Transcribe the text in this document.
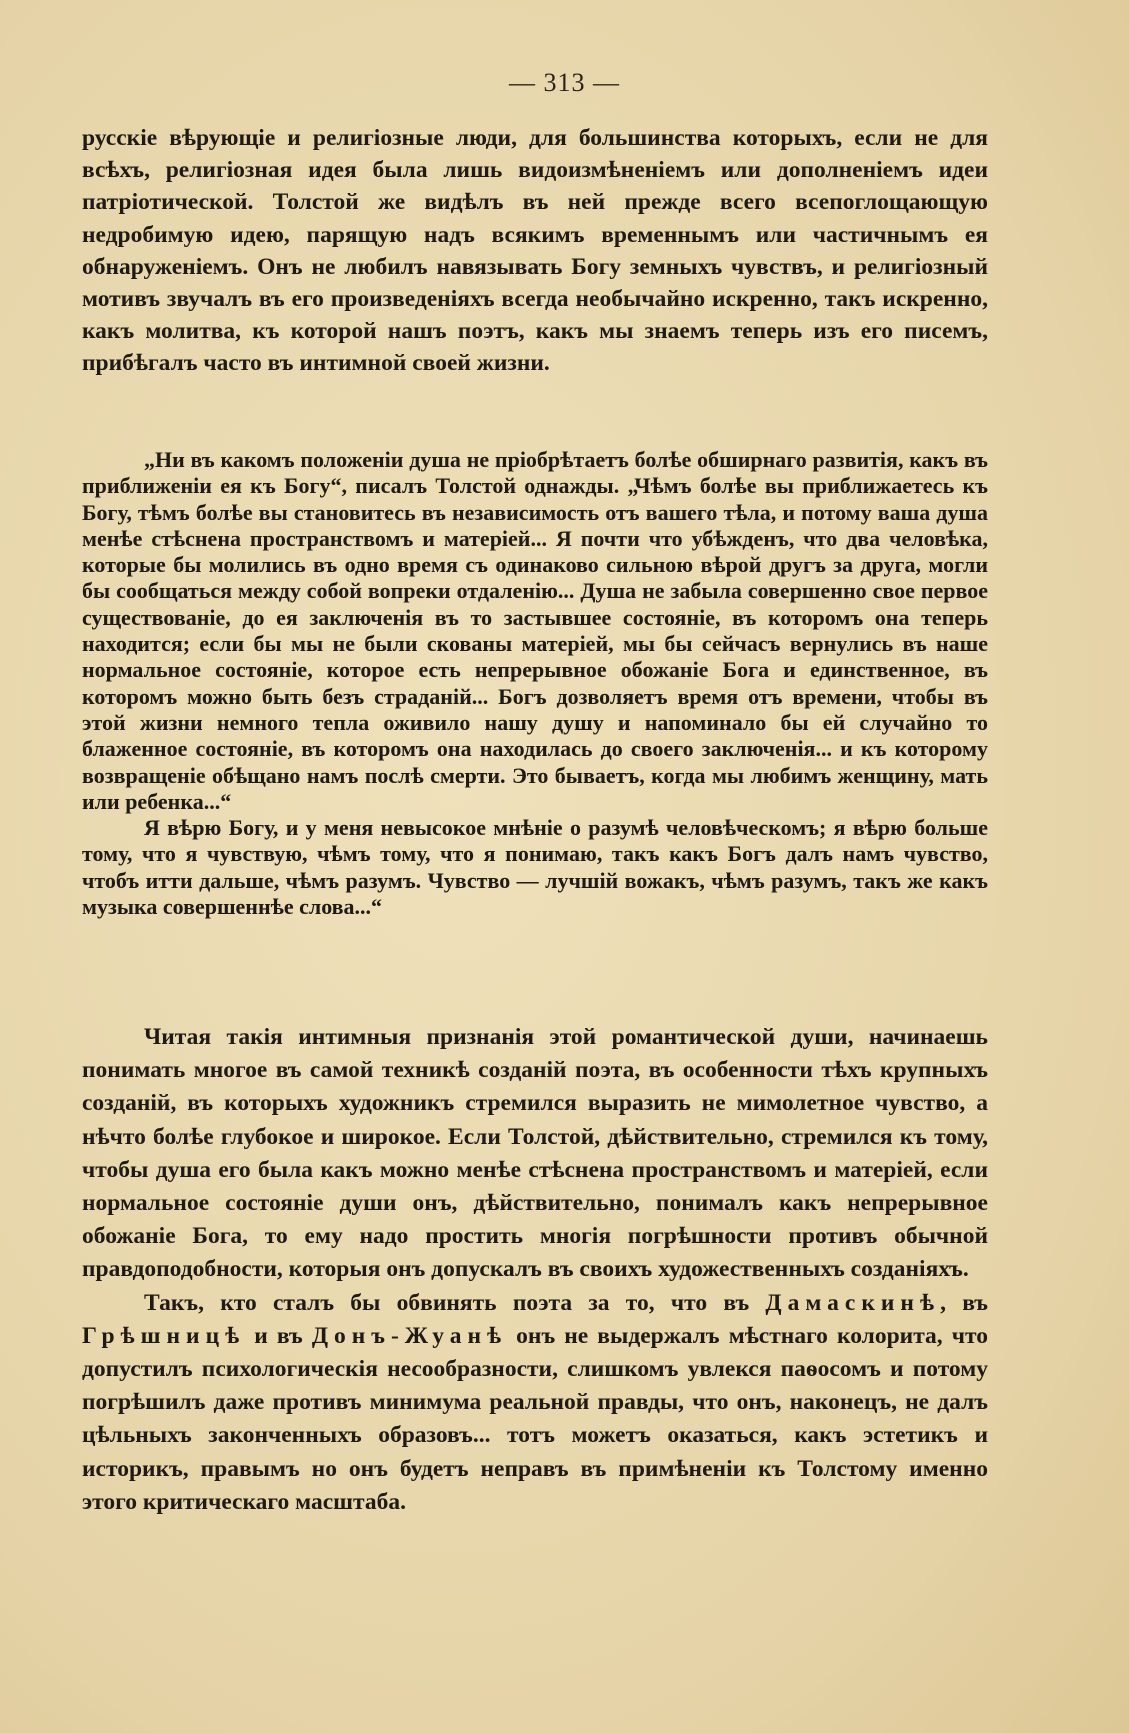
— 313 —

русскіе вѣрующіе и религіозные люди, для большинства которыхъ, если не для всѣхъ, религіозная идея была лишь видоизмѣненіемъ или дополненіемъ идеи патріотической. Толстой же видѣлъ въ ней прежде всего всепоглощающую недробимую идею, парящую надъ всякимъ временнымъ или частичнымъ ея обнаруженіемъ. Онъ не любилъ навязывать Богу земныхъ чувствъ, и религіозный мотивъ звучалъ въ его произведеніяхъ всегда необычайно искренно, такъ искренно, какъ молитва, къ которой нашъ поэтъ, какъ мы знаемъ теперь изъ его писемъ, прибѣгалъ часто въ интимной своей жизни.

„Ни въ какомъ положеніи душа не пріобрѣтаетъ болѣе обширнаго развитія, какъ въ приближеніи ея къ Богу“, писалъ Толстой однажды. „Чѣмъ болѣе вы приближаетесь къ Богу, тѣмъ болѣе вы становитесь въ независимость отъ вашего тѣла, и потому ваша душа менѣе стѣснена пространствомъ и матеріей... Я почти что убѣжденъ, что два человѣка, которые бы молились въ одно время съ одинаково сильною вѣрой другъ за друга, могли бы сообщаться между собой вопреки отдаленію... Душа не забыла совершенно свое первое существованіе, до ея заключенія въ то застывшее состояніе, въ которомъ она теперь находится; если бы мы не были скованы матеріей, мы бы сейчасъ вернулись въ наше нормальное состояніе, которое есть непрерывное обожаніе Бога и единственное, въ которомъ можно быть безъ страданій... Богъ дозволяетъ время отъ времени, чтобы въ этой жизни немного тепла оживило нашу душу и напоминало бы ей случайно то блаженное состояніе, въ которомъ она находилась до своего заключенія... и къ которому возвращеніе обѣщано намъ послѣ смерти. Это бываетъ, когда мы любимъ женщину, мать или ребенка...“

Я вѣрю Богу, и у меня невысокое мнѣніе о разумѣ человѣческомъ; я вѣрю больше тому, что я чувствую, чѣмъ тому, что я понимаю, такъ какъ Богъ далъ намъ чувство, чтобъ итти дальше, чѣмъ разумъ. Чувство — лучшій вожакъ, чѣмъ разумъ, такъ же какъ музыка совершеннѣе слова...“

Читая такія интимныя признанія этой романтической души, начинаешь понимать многое въ самой техникѣ созданій поэта, въ особенности тѣхъ крупныхъ созданій, въ которыхъ художникъ стремился выразить не мимолетное чувство, а нѣчто болѣе глубокое и широкое. Если Толстой, дѣйствительно, стремился къ тому, чтобы душа его была какъ можно менѣе стѣснена пространствомъ и матеріей, если нормальное состояніе души онъ, дѣйствительно, понималъ какъ непрерывное обожаніе Бога, то ему надо простить многія погрѣшности противъ обычной правдоподобности, которыя онъ допускалъ въ своихъ художественныхъ созданіяхъ.

Такъ, кто сталъ бы обвинять поэта за то, что въ Дамаскинѣ, въ Грѣшницѣ и въ Донъ-Жуанѣ онъ не выдержалъ мѣстнаго колорита, что допустилъ психологическія несообразности, слишкомъ увлекся паѳосомъ и потому погрѣшилъ даже противъ минимума реальной правды, что онъ, наконецъ, не далъ цѣльныхъ законченныхъ образовъ... тотъ можетъ оказаться, какъ эстетикъ и историкъ, правымъ но онъ будетъ неправъ въ примѣненіи къ Толстому именно этого критическаго масштаба.
